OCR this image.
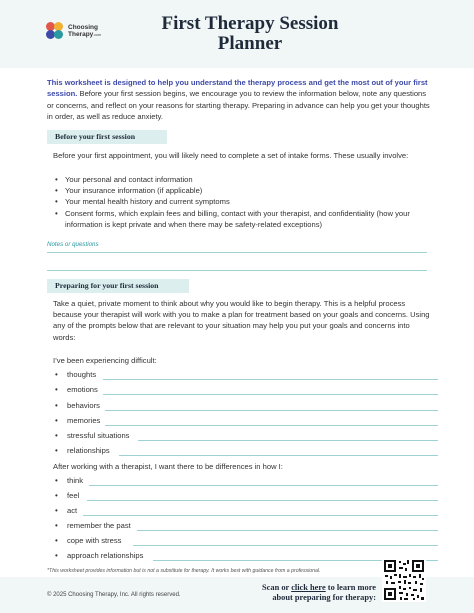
Choosing
Therapy.com
First Therapy Session
Planner
This worksheet is designed to help you understand the therapy process and get the most out of your first session. Before your first session begins, we encourage you to review the information below, note any questions or concerns, and reflect on your reasons for starting therapy. Preparing in advance can help you get your thoughts in order, as well as reduce anxiety.
Before your first session
Before your first appointment, you will likely need to complete a set of intake forms. These usually involve:
• Your personal and contact information
• Your insurance information (if applicable)
• Your mental health history and current symptoms
• Consent forms, which explain fees and billing, contact with your therapist, and confidentiality (how your information is kept private and when there may be safety-related exceptions)
Notes or questions
Preparing for your first session
Take a quiet, private moment to think about why you would like to begin therapy. This is a helpful process because your therapist will work with you to make a plan for treatment based on your goals and concerns. Using any of the prompts below that are relevant to your situation may help you put your goals and concerns into words:
I’ve been experiencing difficult:
• thoughts
• emotions
• behaviors
• memories
• stressful situations
• relationships
After working with a therapist, I want there to be differences in how I:
• think
• feel
• act
• remember the past
• cope with stress
• approach relationships
*This worksheet provides information but is not a substitute for therapy. It works best with guidance from a professional.
© 2025 Choosing Therapy, Inc. All rights reserved.
Scan or click here to learn more
about preparing for therapy:
